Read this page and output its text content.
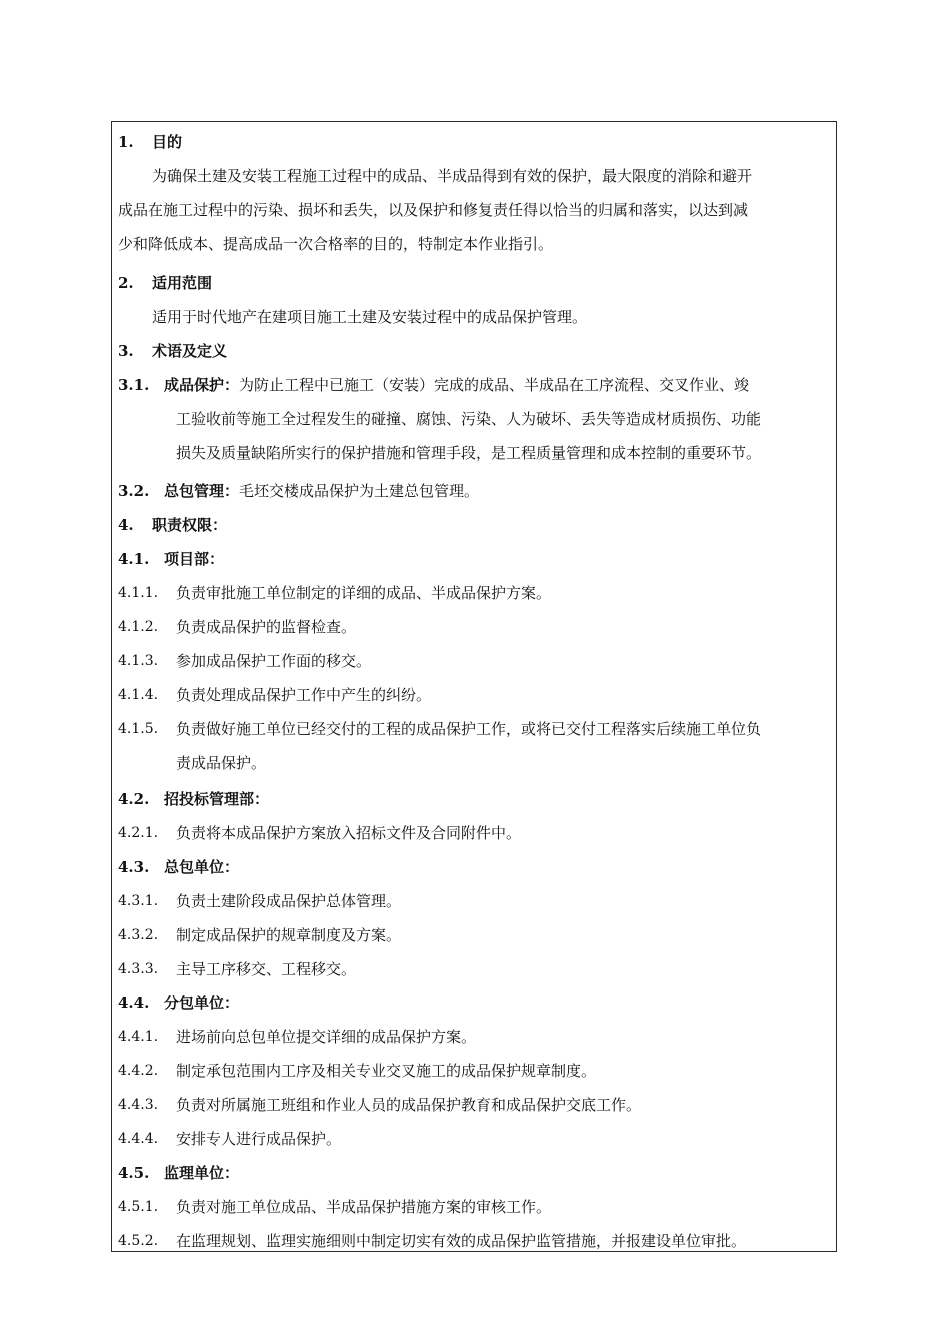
1. 目的
为确保土建及安装工程施工过程中的成品、半成品得到有效的保护，最大限度的消除和避开
成品在施工过程中的污染、损坏和丢失，以及保护和修复责任得以恰当的归属和落实，以达到减
少和降低成本、提高成品一次合格率的目的，特制定本作业指引。
2. 适用范围
适用于时代地产在建项目施工土建及安装过程中的成品保护管理。
3. 术语及定义
3.1. 成品保护：为防止工程中已施工（安装）完成的成品、半成品在工序流程、交叉作业、竣
工验收前等施工全过程发生的碰撞、腐蚀、污染、人为破坏、丢失等造成材质损伤、功能
损失及质量缺陷所实行的保护措施和管理手段，是工程质量管理和成本控制的重要环节。
3.2. 总包管理：毛坯交楼成品保护为土建总包管理。
4. 职责权限：
4.1. 项目部：
4.1.1. 负责审批施工单位制定的详细的成品、半成品保护方案。
4.1.2. 负责成品保护的监督检查。
4.1.3. 参加成品保护工作面的移交。
4.1.4. 负责处理成品保护工作中产生的纠纷。
4.1.5. 负责做好施工单位已经交付的工程的成品保护工作，或将已交付工程落实后续施工单位负
责成品保护。
4.2. 招投标管理部：
4.2.1. 负责将本成品保护方案放入招标文件及合同附件中。
4.3. 总包单位：
4.3.1. 负责土建阶段成品保护总体管理。
4.3.2. 制定成品保护的规章制度及方案。
4.3.3. 主导工序移交、工程移交。
4.4. 分包单位：
4.4.1. 进场前向总包单位提交详细的成品保护方案。
4.4.2. 制定承包范围内工序及相关专业交叉施工的成品保护规章制度。
4.4.3. 负责对所属施工班组和作业人员的成品保护教育和成品保护交底工作。
4.4.4. 安排专人进行成品保护。
4.5. 监理单位：
4.5.1. 负责对施工单位成品、半成品保护措施方案的审核工作。
4.5.2. 在监理规划、监理实施细则中制定切实有效的成品保护监管措施，并报建设单位审批。
